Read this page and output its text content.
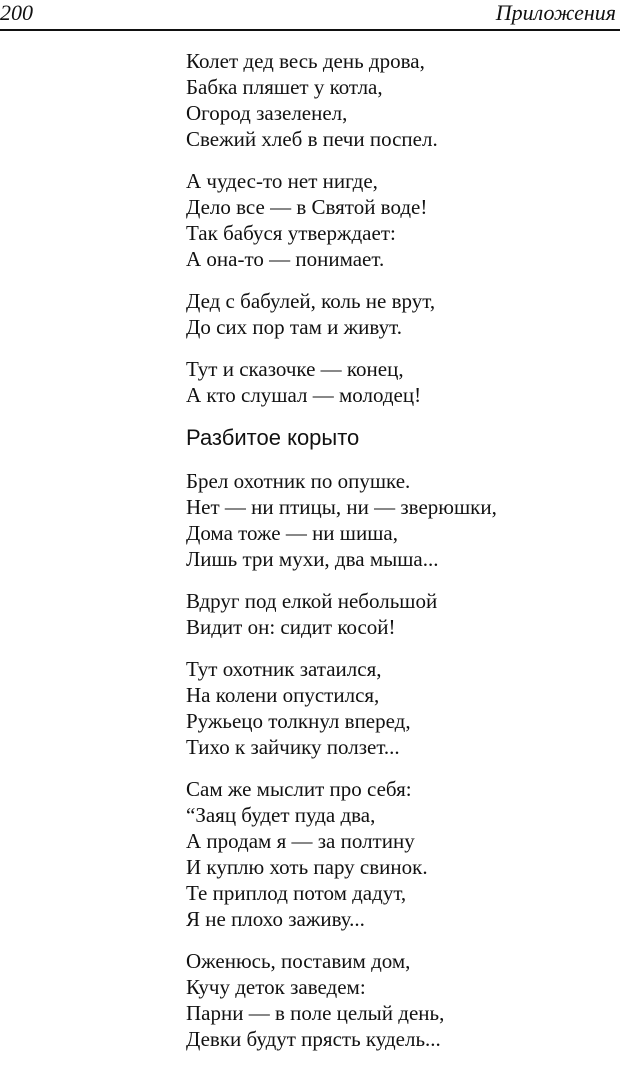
200	Приложения
Колет дед весь день дрова,
Бабка пляшет у котла,
Огород зазеленел,
Свежий хлеб в печи поспел.
А чудес-то нет нигде,
Дело все — в Святой воде!
Так бабуся утверждает:
А она-то — понимает.
Дед с бабулей, коль не врут,
До сих пор там и живут.
Тут и сказочке — конец,
А кто слушал — молодец!
Разбитое корыто
Брел охотник по опушке.
Нет — ни птицы, ни — зверюшки,
Дома тоже — ни шиша,
Лишь три мухи, два мыша...
Вдруг под елкой небольшой
Видит он: сидит косой!
Тут охотник затаился,
На колени опустился,
Ружьецо толкнул вперед,
Тихо к зайчику ползет...
Сам же мыслит про себя:
“Заяц будет пуда два,
А продам я — за полтину
И куплю хоть пару свинок.
Те приплод потом дадут,
Я не плохо заживу...
Оженюсь, поставим дом,
Кучу деток заведем:
Парни — в поле целый день,
Девки будут прясть кудель...
